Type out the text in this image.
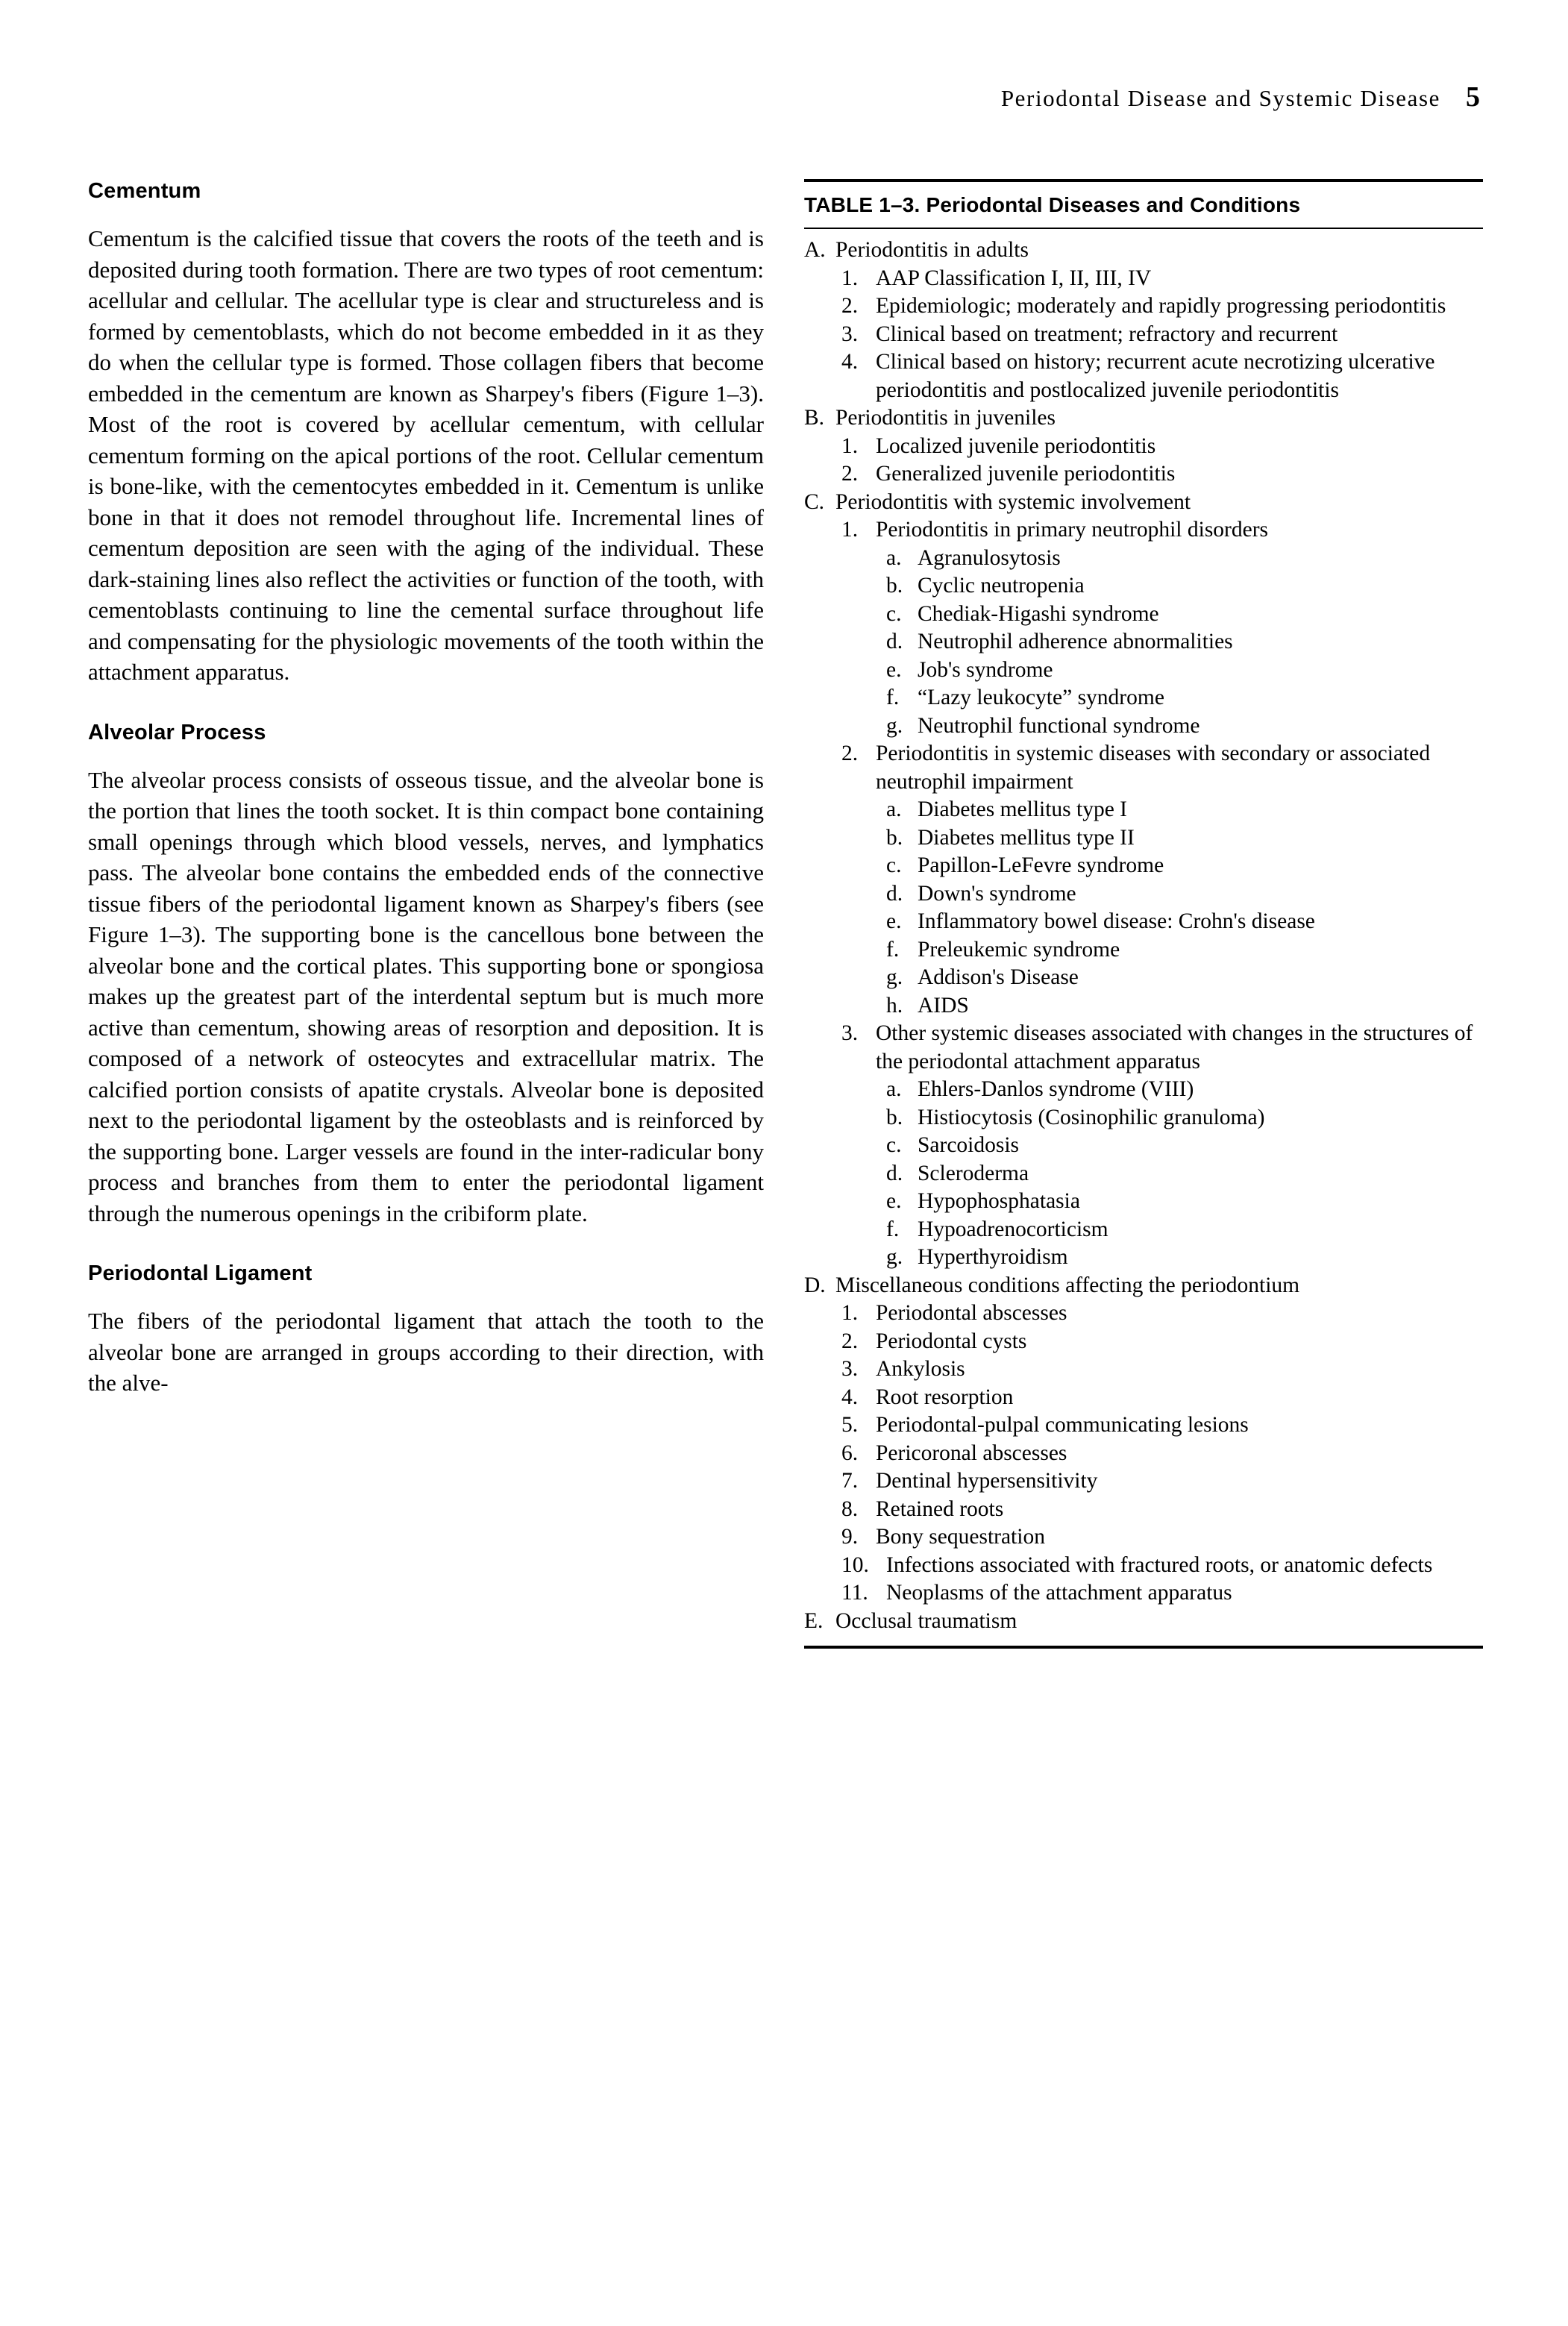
Periodontal Disease and Systemic Disease 5
Cementum

Cementum is the calcified tissue that covers the roots of the teeth and is deposited during tooth formation. There are two types of root cementum: acellular and cellular. The acellular type is clear and structureless and is formed by cementoblasts, which do not become embedded in it as they do when the cellular type is formed. Those collagen fibers that become embedded in the cementum are known as Sharpey's fibers (Figure 1–3). Most of the root is covered by acellular cementum, with cellular cementum forming on the apical portions of the root. Cellular cementum is bone-like, with the cementocytes embedded in it. Cementum is unlike bone in that it does not remodel throughout life. Incremental lines of cementum deposition are seen with the aging of the individual. These dark-staining lines also reflect the activities or function of the tooth, with cementoblasts continuing to line the cemental surface throughout life and compensating for the physiologic movements of the tooth within the attachment apparatus.

Alveolar Process

The alveolar process consists of osseous tissue, and the alveolar bone is the portion that lines the tooth socket. It is thin compact bone containing small openings through which blood vessels, nerves, and lymphatics pass. The alveolar bone contains the embedded ends of the connective tissue fibers of the periodontal ligament known as Sharpey's fibers (see Figure 1–3). The supporting bone is the cancellous bone between the alveolar bone and the cortical plates. This supporting bone or spongiosa makes up the greatest part of the interdental septum but is much more active than cementum, showing areas of resorption and deposition. It is composed of a network of osteocytes and extracellular matrix. The calcified portion consists of apatite crystals. Alveolar bone is deposited next to the periodontal ligament by the osteoblasts and is reinforced by the supporting bone. Larger vessels are found in the inter-radicular bony process and branches from them to enter the periodontal ligament through the numerous openings in the cribiform plate.

Periodontal Ligament

The fibers of the periodontal ligament that attach the tooth to the alveolar bone are arranged in groups according to their direction, with the alve-

TABLE 1–3. Periodontal Diseases and Conditions
A. Periodontitis in adults
1. AAP Classification I, II, III, IV
2. Epidemiologic; moderately and rapidly progressing periodontitis
3. Clinical based on treatment; refractory and recurrent
4. Clinical based on history; recurrent acute necrotizing ulcerative periodontitis and postlocalized juvenile periodontitis
B. Periodontitis in juveniles
1. Localized juvenile periodontitis
2. Generalized juvenile periodontitis
C. Periodontitis with systemic involvement
1. Periodontitis in primary neutrophil disorders
a. Agranulosytosis
b. Cyclic neutropenia
c. Chediak-Higashi syndrome
d. Neutrophil adherence abnormalities
e. Job's syndrome
f. “Lazy leukocyte” syndrome
g. Neutrophil functional syndrome
2. Periodontitis in systemic diseases with secondary or associated neutrophil impairment
a. Diabetes mellitus type I
b. Diabetes mellitus type II
c. Papillon-LeFevre syndrome
d. Down's syndrome
e. Inflammatory bowel disease: Crohn's disease
f. Preleukemic syndrome
g. Addison's Disease
h. AIDS
3. Other systemic diseases associated with changes in the structures of the periodontal attachment apparatus
a. Ehlers-Danlos syndrome (VIII)
b. Histiocytosis (Cosinophilic granuloma)
c. Sarcoidosis
d. Scleroderma
e. Hypophosphatasia
f. Hypoadrenocorticism
g. Hyperthyroidism
D. Miscellaneous conditions affecting the periodontium
1. Periodontal abscesses
2. Periodontal cysts
3. Ankylosis
4. Root resorption
5. Periodontal-pulpal communicating lesions
6. Pericoronal abscesses
7. Dentinal hypersensitivity
8. Retained roots
9. Bony sequestration
10. Infections associated with fractured roots, or anatomic defects
11. Neoplasms of the attachment apparatus
E. Occlusal traumatism
